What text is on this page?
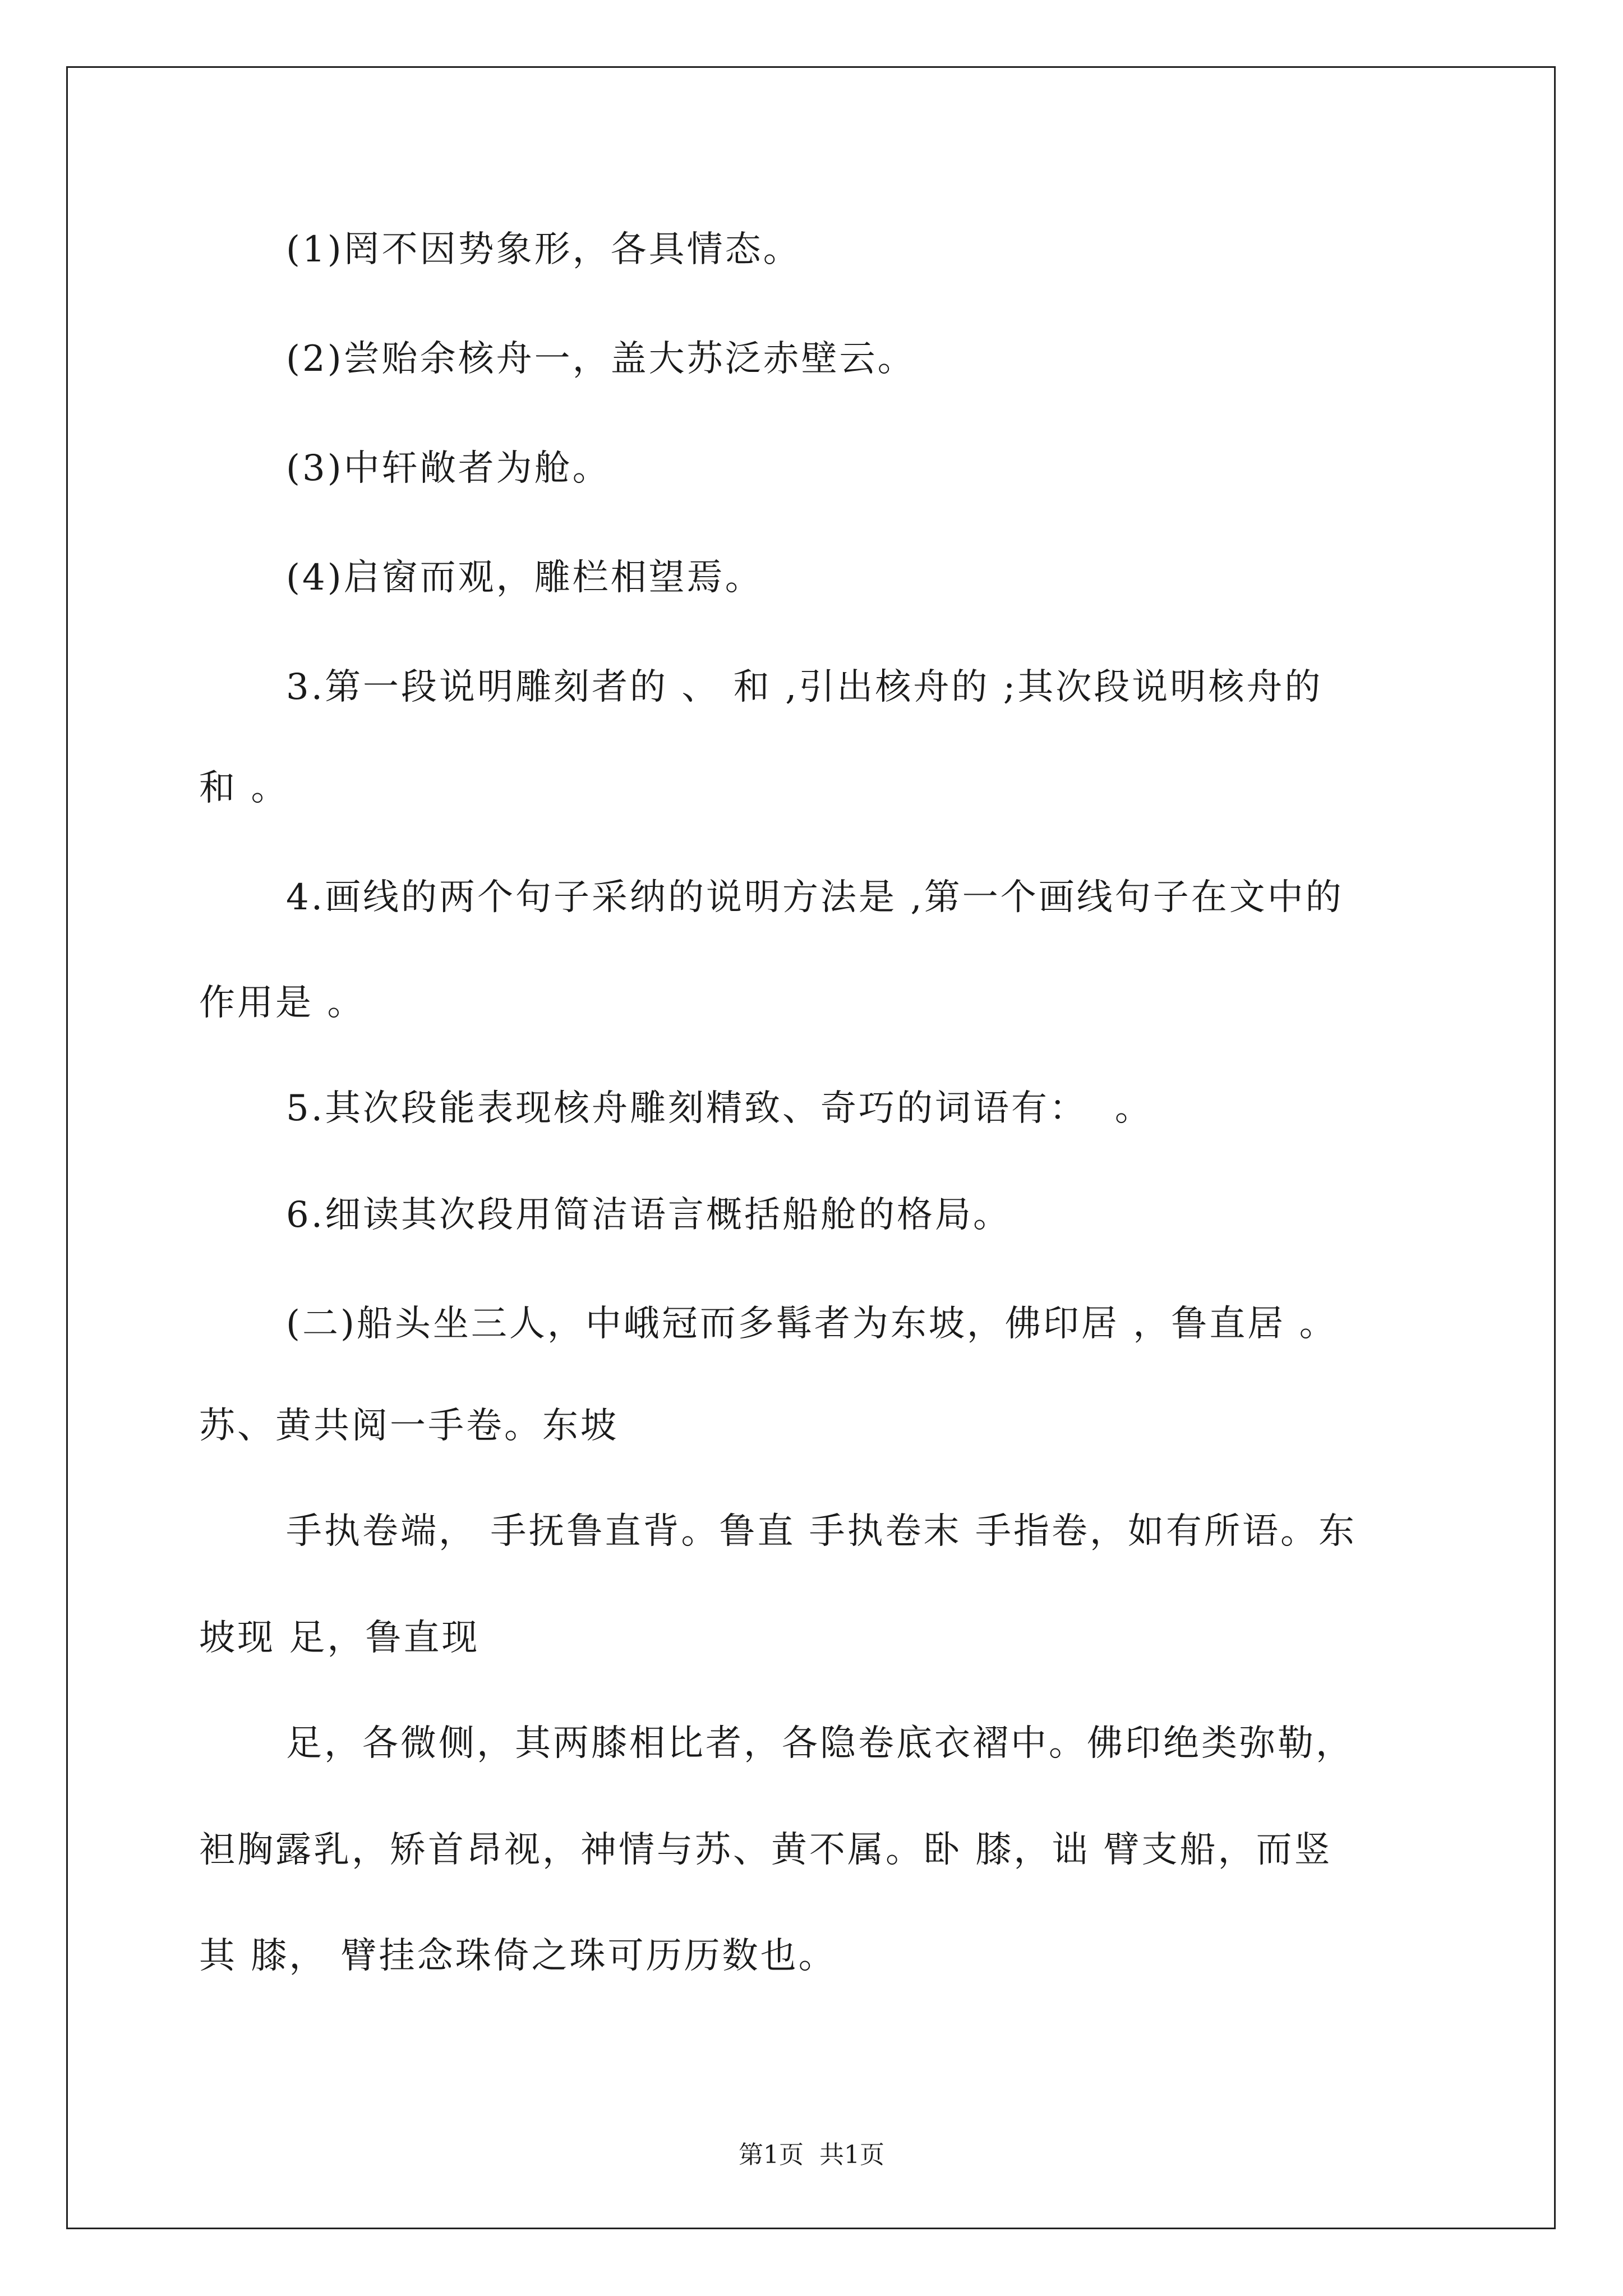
(1)罔不因势象形，各具情态。
(2)尝贻余核舟一，盖大苏泛赤壁云。
(3)中轩敞者为舱。
(4)启窗而观，雕栏相望焉。
3.第一段说明雕刻者的 、 和 ,引出核舟的 ;其次段说明核舟的
和 。
4.画线的两个句子采纳的说明方法是 ,第一个画线句子在文中的
作用是 。
5.其次段能表现核舟雕刻精致、奇巧的词语有：  。
6.细读其次段用简洁语言概括船舱的格局。
(二)船头坐三人，中峨冠而多髯者为东坡，佛印居 ，鲁直居 。
苏、黄共阅一手卷。东坡
手执卷端， 手抚鲁直背。鲁直 手执卷末 手指卷，如有所语。东
坡现 足，鲁直现
足，各微侧，其两膝相比者，各隐卷底衣褶中。佛印绝类弥勒，
袒胸露乳，矫首昂视，神情与苏、黄不属。卧 膝，诎 臂支船，而竖
其 膝， 臂挂念珠倚之珠可历历数也。
第1页  共1页
